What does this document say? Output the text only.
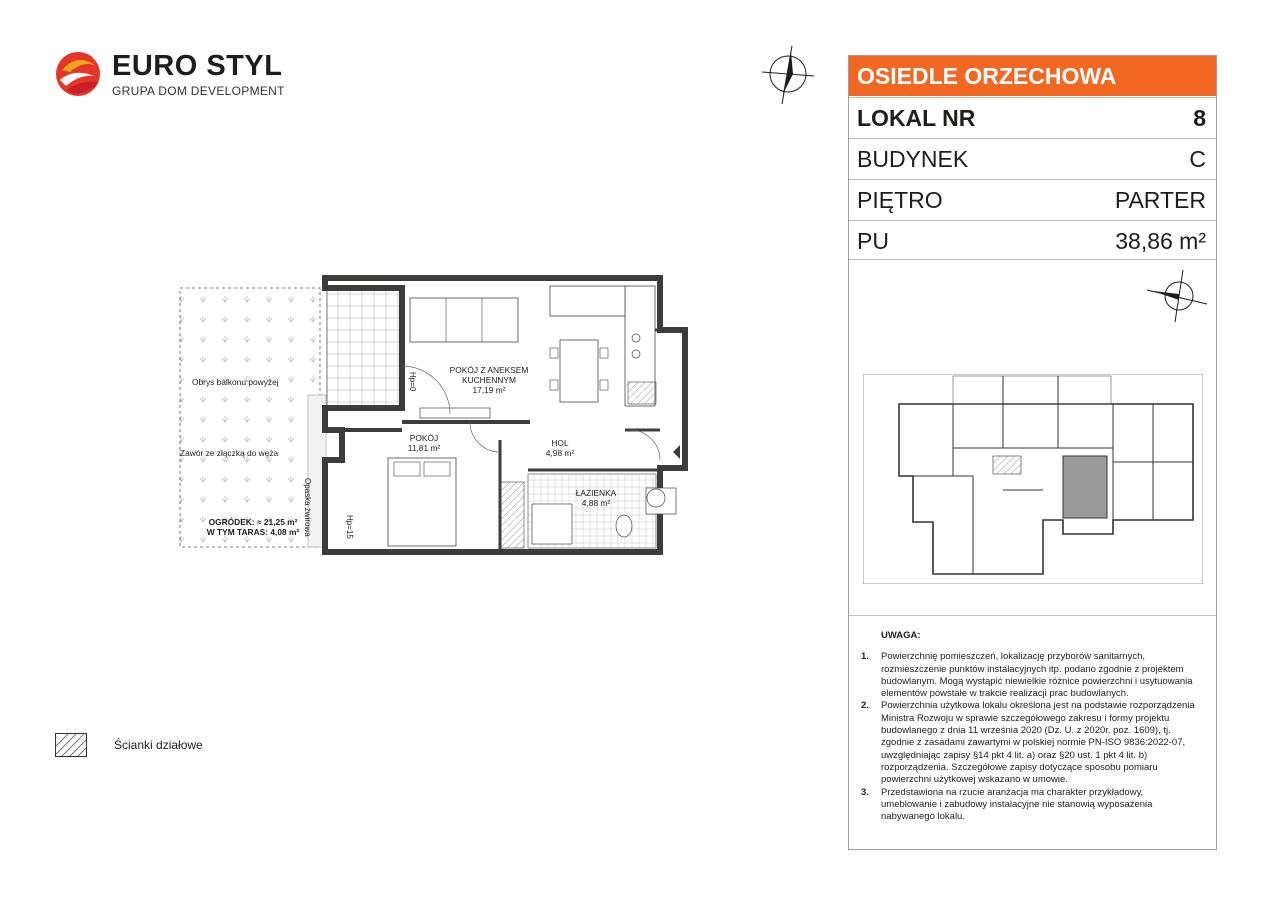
EURO STYL
GRUPA DOM DEVELOPMENT
POKÓJ Z ANEKSEM
KUCHENNYM
17,19 m²
POKÓJ
11,81 m²	HOL
4,98 m²
ŁAZIENKA
4,88 m²
Obrys balkonu powyżej
Zawór ze złączką do węża
OGRÓDEK: ≈ 21,25 m²
W TYM TARAS: 4,08 m² Opaska żwirowa
Hp=0
Hp=15
OSIEDLE ORZECHOWA
LOKAL NR	8
BUDYNEK	C
PIĘTRO	PARTER
PU	38,86 m²
UWAGA:
1.	Powierzchnię pomieszczeń, lokalizację przyborów sanitarnych, rozmieszczenie punktów instalacyjnych itp. podano zgodnie z projektem budowlanym. Mogą wystąpić niewielkie różnice powierzchni i usytuowania elementów powstałe w trakcie realizacji prac budowlanych.
2.	Powierzchnia użytkowa lokalu określona jest na podstawie rozporządzenia Ministra Rozwoju w sprawie szczegółowego zakresu i formy projektu budowlanego z dnia 11 września 2020 (Dz. U. z 2020r. poz. 1609), tj. zgodnie z zasadami zawartymi w polskiej normie PN-ISO 9836:2022-07, uwzględniając zapisy §14 pkt 4 lit. a) oraz §20 ust. 1 pkt 4 lit. b) rozporządzenia. Szczegółowe zapisy dotyczące sposobu pomiaru powierzchni użytkowej wskazano w umowie.
3.	Przedstawiona na rzucie aranżacja ma charakter przykładowy, umeblowanie i zabudowy instalacyjne nie stanowią wyposażenia nabywanego lokalu.
Ścianki działowe
